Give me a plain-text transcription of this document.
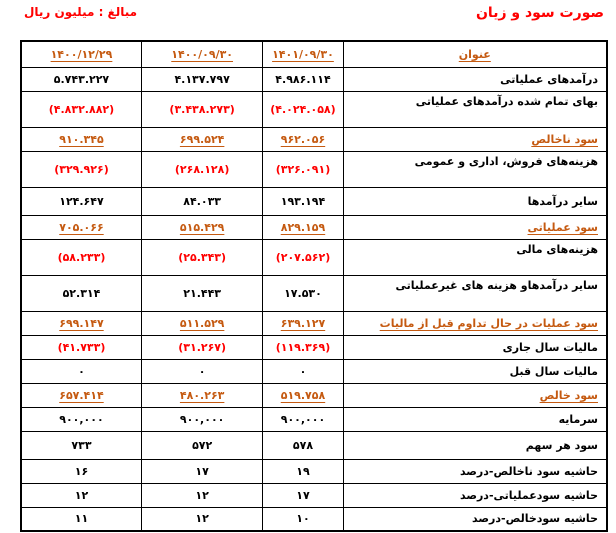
صورت سود و زیان
مبالغ : میلیون ریال
عنوان	۱۴۰۱/۰۹/۳۰	۱۴۰۰/۰۹/۳۰	۱۴۰۰/۱۲/۲۹
درآمدهای عملیاتی	۴.۹۸۶.۱۱۴	۴.۱۳۷.۷۹۷	۵.۷۴۳.۲۲۷
بهای تمام شده درآمدهای عملیاتی	(۴.۰۲۴.۰۵۸)	(۳.۴۳۸.۲۷۳)	(۴.۸۳۲.۸۸۲)
سود ناخالص	۹۶۲.۰۵۶	۶۹۹.۵۲۴	۹۱۰.۳۴۵
هزینه‌های فروش، اداری و عمومی	(۳۲۶.۰۹۱)	(۲۶۸.۱۲۸)	(۳۲۹.۹۲۶)
سایر درآمدها	۱۹۳.۱۹۴	۸۴.۰۳۳	۱۲۴.۶۴۷
سود عملیاتی	۸۲۹.۱۵۹	۵۱۵.۴۲۹	۷۰۵.۰۶۶
هزینه‌های مالی	(۲۰۷.۵۶۲)	(۲۵.۳۴۳)	(۵۸.۲۳۳)
سایر درآمدهاو هزینه های غیرعملیاتی	۱۷.۵۳۰	۲۱.۴۴۳	۵۲.۳۱۴
سود عملیات در حال تداوم قبل از مالیات	۶۳۹.۱۲۷	۵۱۱.۵۲۹	۶۹۹.۱۴۷
مالیات سال جاری	(۱۱۹.۳۶۹)	(۳۱.۲۶۷)	(۴۱.۷۳۳)
مالیات سال قبل	۰	۰	۰
سود خالص	۵۱۹.۷۵۸	۴۸۰.۲۶۳	۶۵۷.۴۱۴
سرمایه	۹۰۰,۰۰۰	۹۰۰,۰۰۰	۹۰۰,۰۰۰
سود هر سهم	۵۷۸	۵۷۲	۷۳۳
حاشیه سود ناخالص-درصد	۱۹	۱۷	۱۶
حاشیه سودعملیاتی-درصد	۱۷	۱۲	۱۲
حاشیه سودخالص-درصد	۱۰	۱۲	۱۱
